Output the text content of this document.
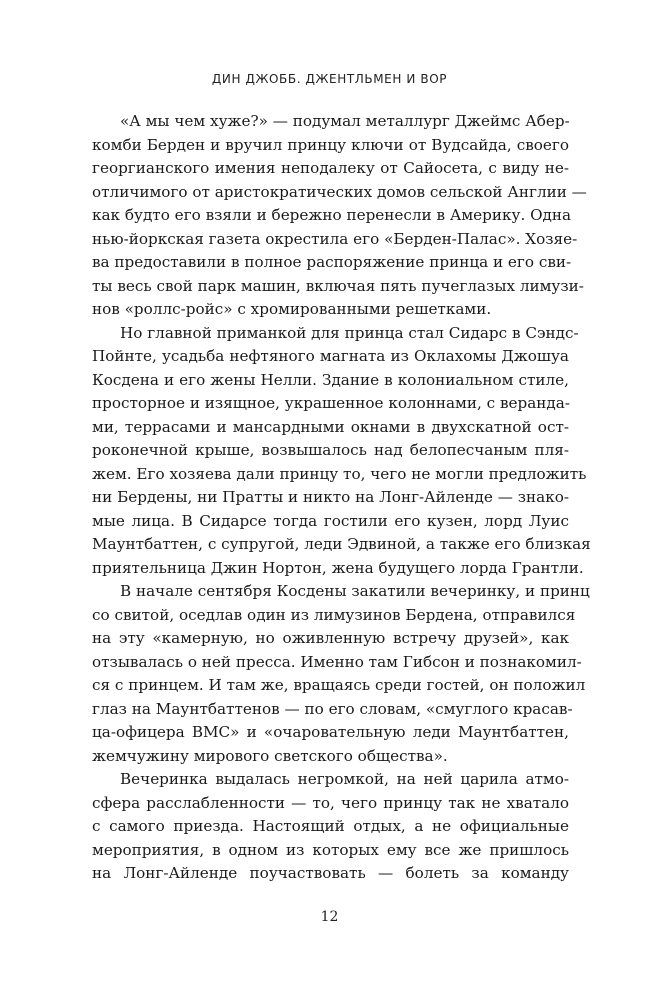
ДИН ДЖОББ. ДЖЕНТЛЬМЕН И ВОР
«А мы чем хуже?» — подумал металлург Джеймс Абер-
комби Берден и вручил принцу ключи от Вудсайда, своего
георгианского имения неподалеку от Сайосета, с виду не-
отличимого от аристократических домов сельской Англии —
как будто его взяли и бережно перенесли в Америку. Одна
нью-йоркская газета окрестила его «Берден-Палас». Хозяе-
ва предоставили в полное распоряжение принца и его сви-
ты весь свой парк машин, включая пять пучеглазых лимузи-
нов «роллс-ройс» с хромированными решетками.
Но главной приманкой для принца стал Сидарс в Сэндс-
Пойнте, усадьба нефтяного магната из Оклахомы Джошуа
Косдена и его жены Нелли. Здание в колониальном стиле,
просторное и изящное, украшенное колоннами, с веранда-
ми, террасами и мансардными окнами в двухскатной ост-
роконечной крыше, возвышалось над белопесчаным пля-
жем. Его хозяева дали принцу то, чего не могли предложить
ни Бердены, ни Пратты и никто на Лонг-Айленде — знако-
мые лица. В Сидарсе тогда гостили его кузен, лорд Луис
Маунтбаттен, с супругой, леди Эдвиной, а также его близкая
приятельница Джин Нортон, жена будущего лорда Грантли.
В начале сентября Косдены закатили вечеринку, и принц
со свитой, оседлав один из лимузинов Бердена, отправился
на эту «камерную, но оживленную встречу друзей», как
отзывалась о ней пресса. Именно там Гибсон и познакомил-
ся с принцем. И там же, вращаясь среди гостей, он положил
глаз на Маунтбаттенов — по его словам, «смуглого красав-
ца-офицера ВМС» и «очаровательную леди Маунтбаттен,
жемчужину мирового светского общества».
Вечеринка выдалась негромкой, на ней царила атмо-
сфера расслабленности — то, чего принцу так не хватало
с самого приезда. Настоящий отдых, а не официальные
мероприятия, в одном из которых ему все же пришлось
на Лонг-Айленде поучаствовать — болеть за команду
12
